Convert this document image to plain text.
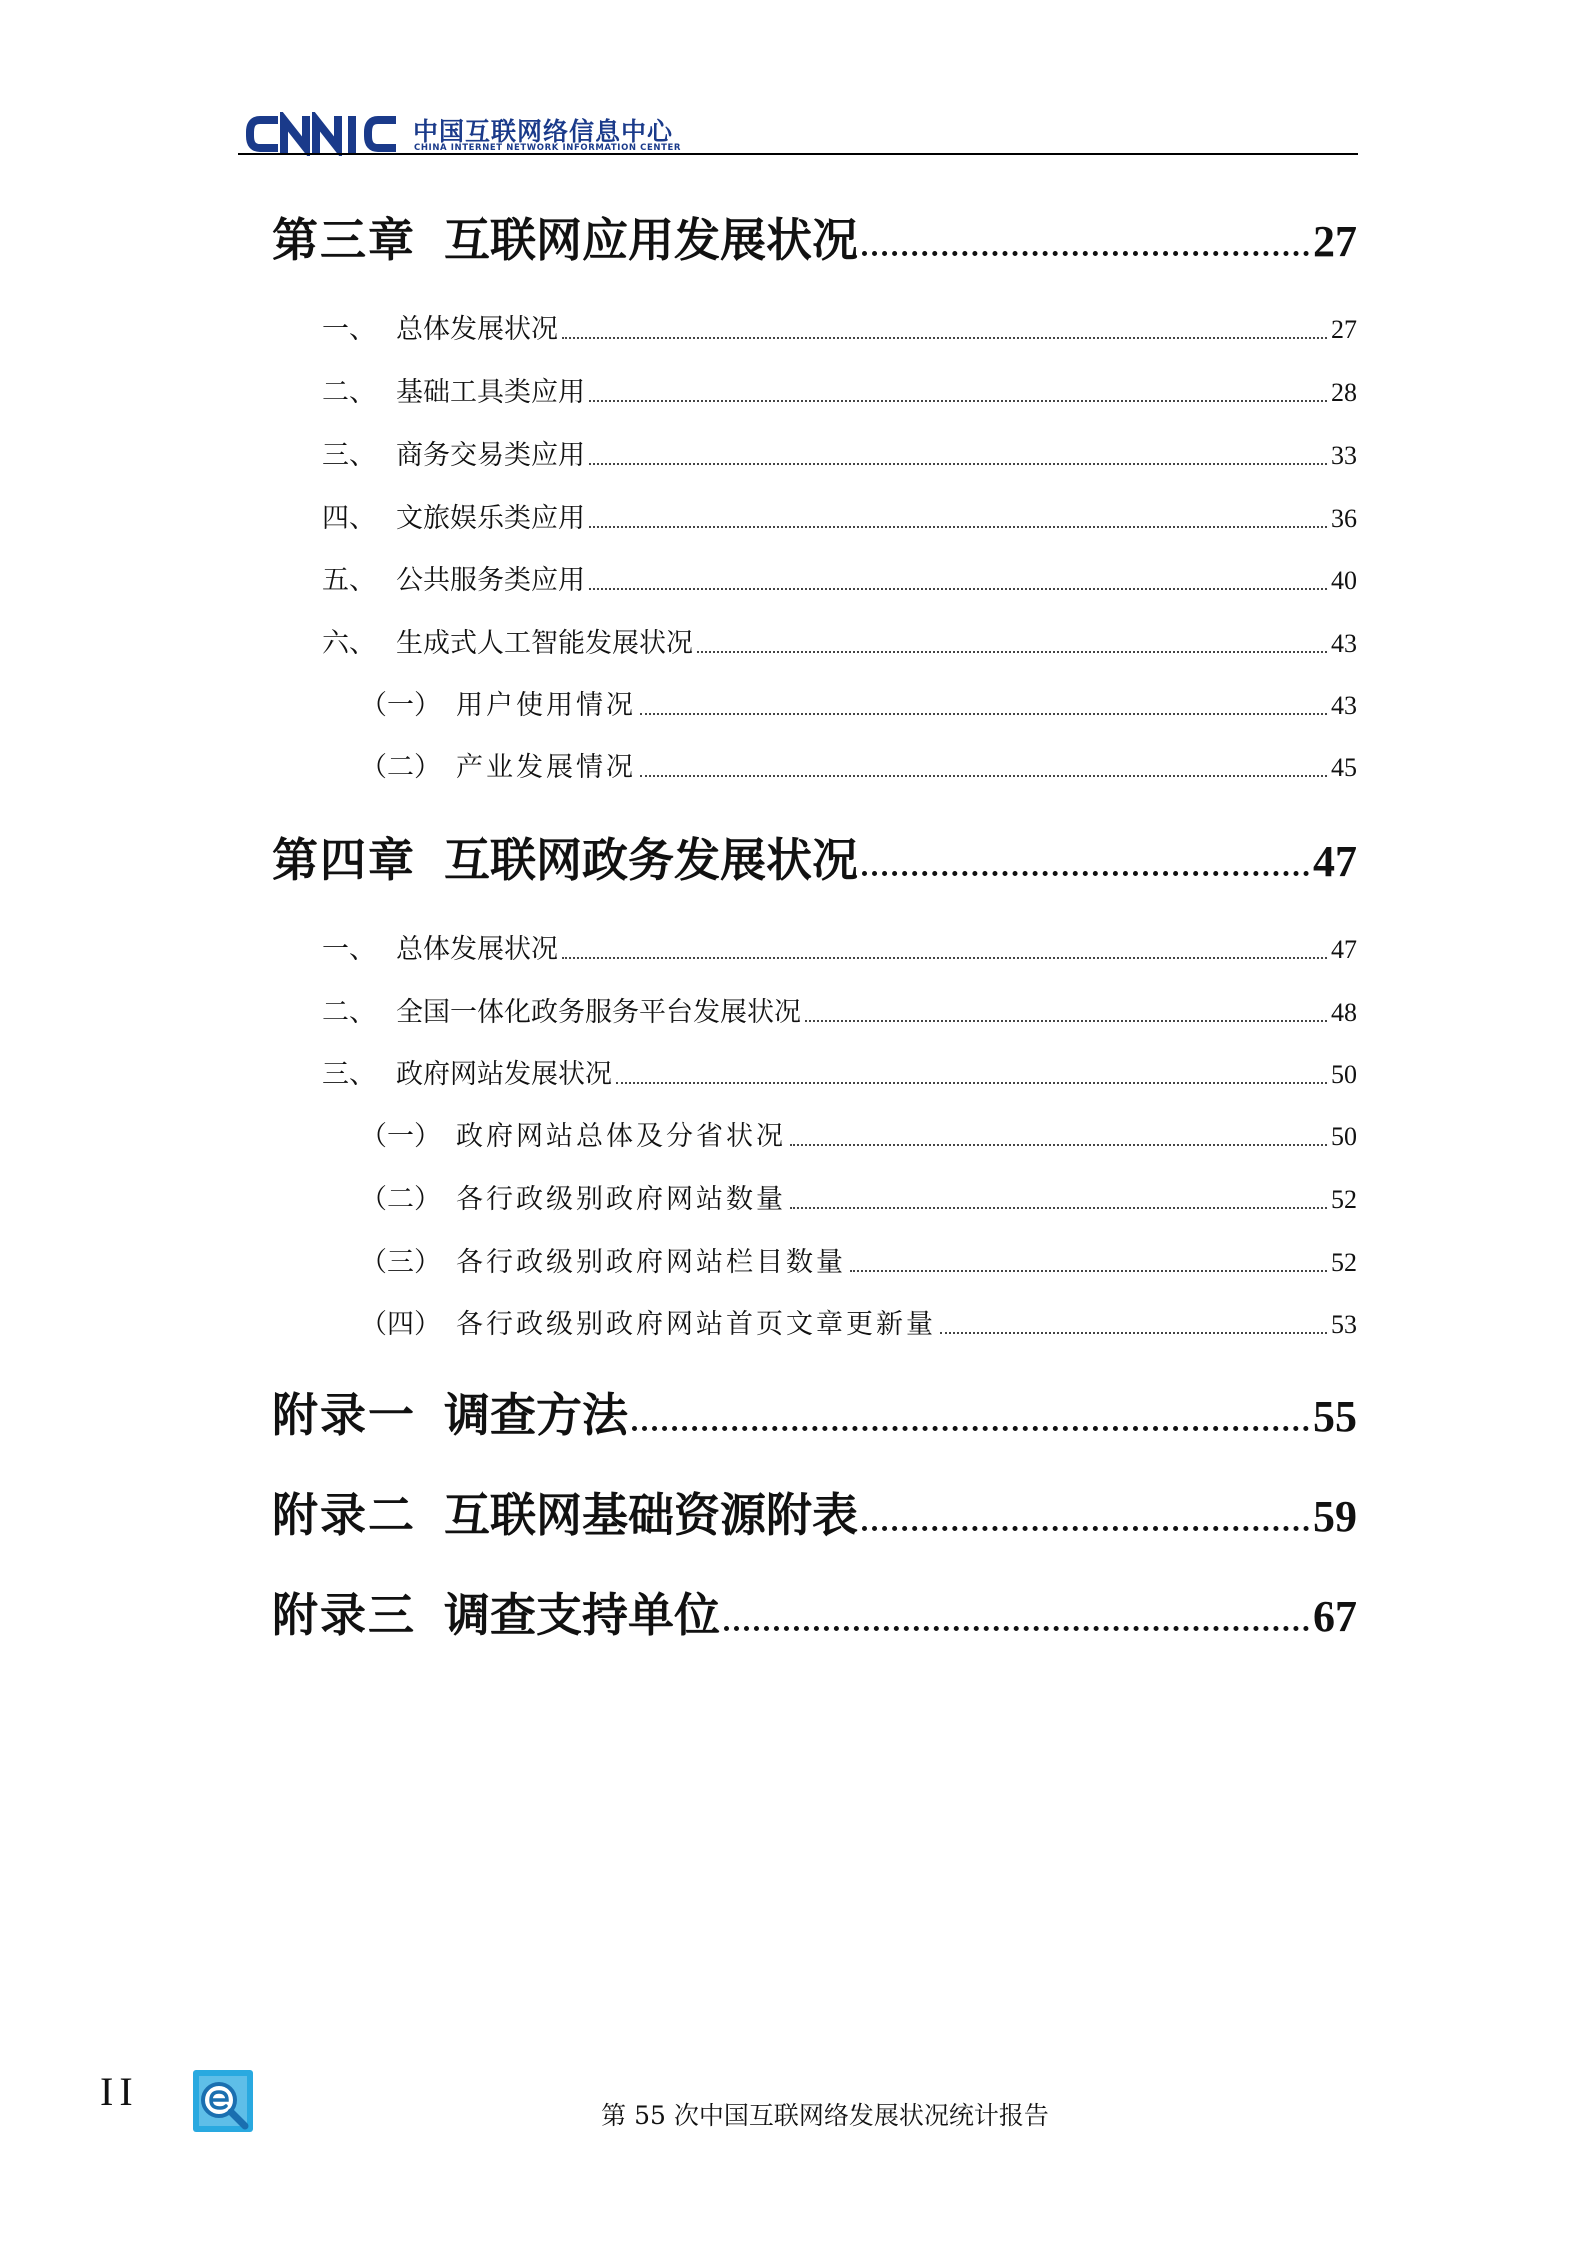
中国互联网络信息中心
CHINA INTERNET NETWORK INFORMATION CENTER
第三章 互联网应用发展状况	27
一、 总体发展状况	27
二、 基础工具类应用	28
三、 商务交易类应用	33
四、 文旅娱乐类应用	36
五、 公共服务类应用	40
六、 生成式人工智能发展状况	43
（一） 用户使用情况	43
（二） 产业发展情况	45
第四章 互联网政务发展状况	47
一、 总体发展状况	47
二、 全国一体化政务服务平台发展状况	48
三、 政府网站发展状况	50
（一） 政府网站总体及分省状况	50
（二） 各行政级别政府网站数量	52
（三） 各行政级别政府网站栏目数量	52
（四） 各行政级别政府网站首页文章更新量	53
附录一 调查方法	55
附录二 互联网基础资源附表	59
附录三 调查支持单位	67
II
第 55 次中国互联网络发展状况统计报告
